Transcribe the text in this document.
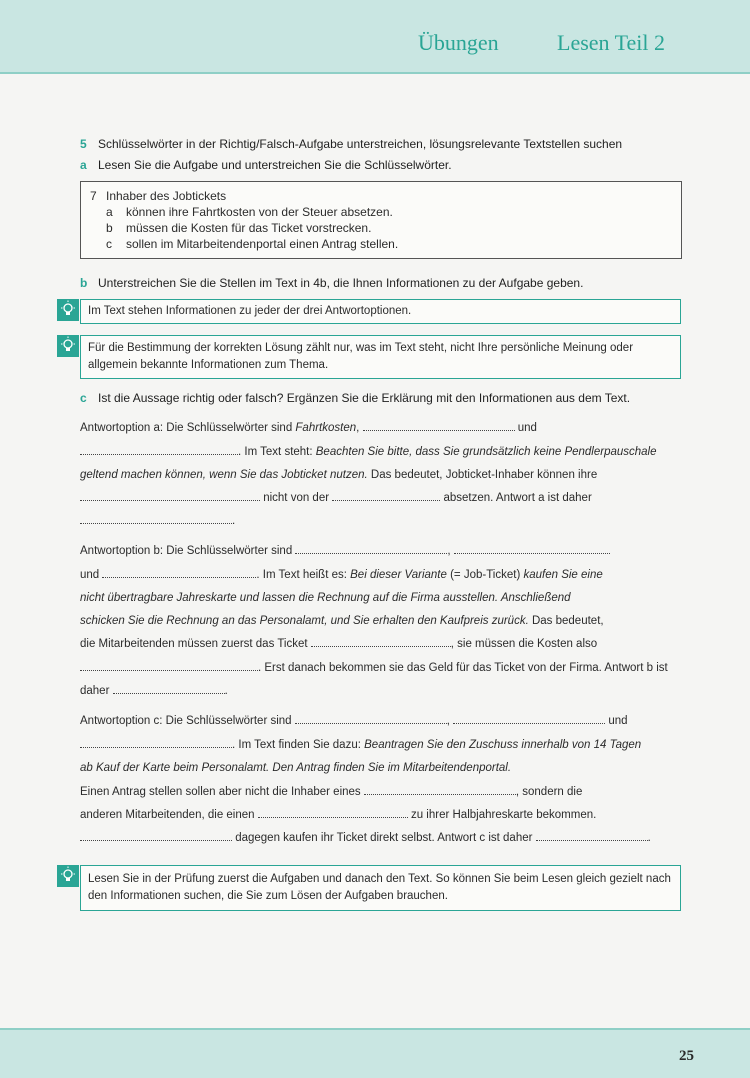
Übungen	Lesen Teil 2
5 Schlüsselwörter in der Richtig/Falsch-Aufgabe unterstreichen, lösungsrelevante Textstellen suchen
a Lesen Sie die Aufgabe und unterstreichen Sie die Schlüsselwörter.
7 Inhaber des Jobtickets
a können ihre Fahrtkosten von der Steuer absetzen.
b müssen die Kosten für das Ticket vorstrecken.
c sollen im Mitarbeitendenportal einen Antrag stellen.
b Unterstreichen Sie die Stellen im Text in 4b, die Ihnen Informationen zu der Aufgabe geben.
Im Text stehen Informationen zu jeder der drei Antwortoptionen.
Für die Bestimmung der korrekten Lösung zählt nur, was im Text steht, nicht Ihre persönliche Meinung oder allgemein bekannte Informationen zum Thema.
c Ist die Aussage richtig oder falsch? Ergänzen Sie die Erklärung mit den Informationen aus dem Text.
Antwortoption a: Die Schlüsselwörter sind Fahrtkosten,	und
. Im Text steht: Beachten Sie bitte, dass Sie grundsätzlich keine Pendlerpauschale
geltend machen können, wenn Sie das Jobticket nutzen. Das bedeutet, Jobticket-Inhaber können ihre
nicht von der	absetzen. Antwort a ist daher
.
Antwortoption b: Die Schlüsselwörter sind	,
und	. Im Text heißt es: Bei dieser Variante (= Job-Ticket) kaufen Sie eine
nicht übertragbare Jahreskarte und lassen die Rechnung auf die Firma ausstellen. Anschließend
schicken Sie die Rechnung an das Personalamt, und Sie erhalten den Kaufpreis zurück. Das bedeutet,
die Mitarbeitenden müssen zuerst das Ticket	, sie müssen die Kosten also
. Erst danach bekommen sie das Geld für das Ticket von der Firma. Antwort b ist
daher	.
Antwortoption c: Die Schlüsselwörter sind	,	und
. Im Text finden Sie dazu: Beantragen Sie den Zuschuss innerhalb von 14 Tagen
ab Kauf der Karte beim Personalamt. Den Antrag finden Sie im Mitarbeitendenportal.
Einen Antrag stellen sollen aber nicht die Inhaber eines	, sondern die
anderen Mitarbeitenden, die einen	zu ihrer Halbjahreskarte bekommen.
dagegen kaufen ihr Ticket direkt selbst. Antwort c ist daher	.
Lesen Sie in der Prüfung zuerst die Aufgaben und danach den Text. So können Sie beim Lesen gleich gezielt nach den Informationen suchen, die Sie zum Lösen der Aufgaben brauchen.
25
